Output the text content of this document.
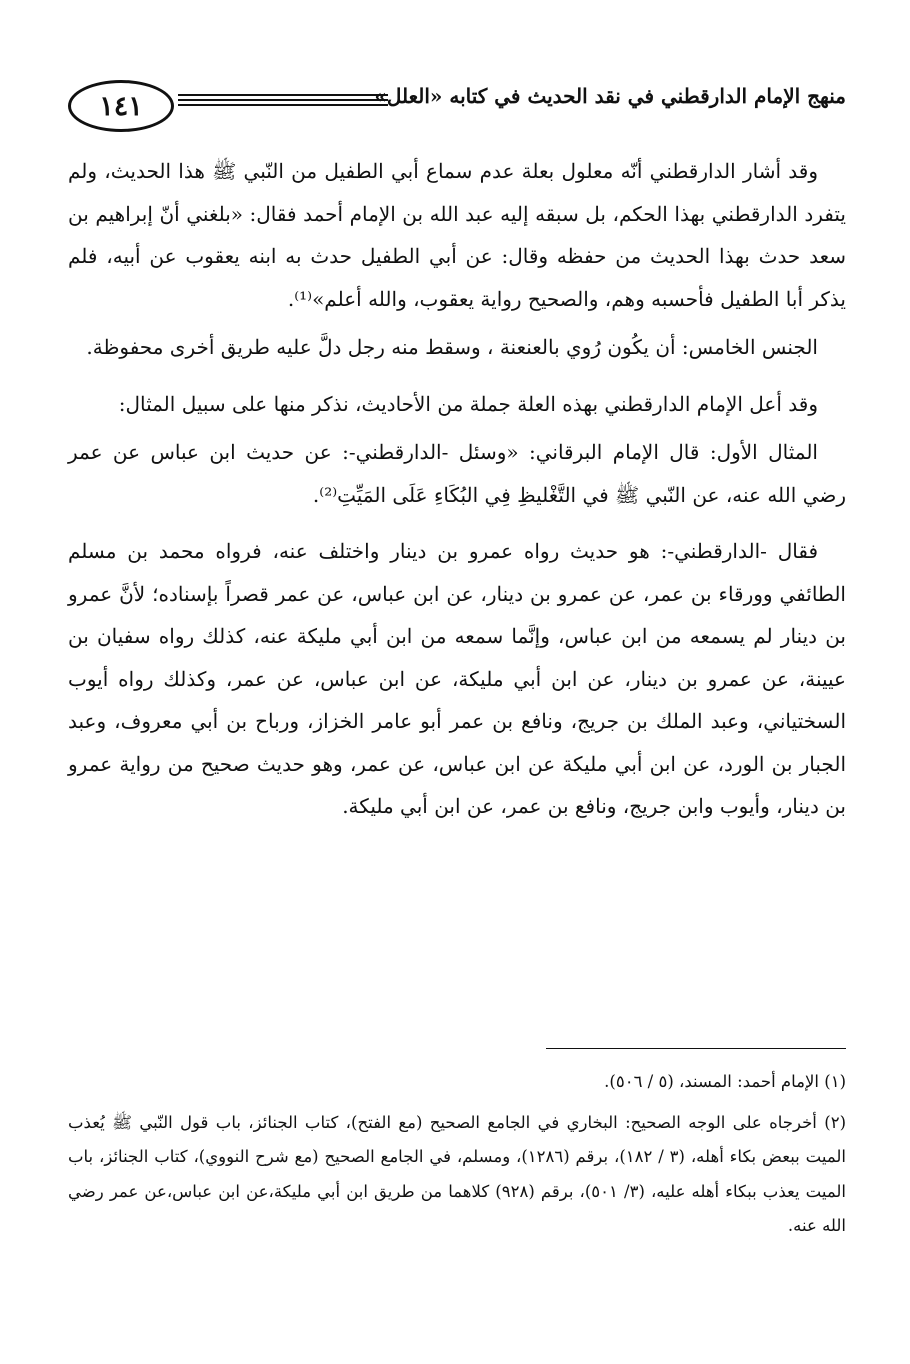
١٤١	منهج الإمام الدارقطني في نقد الحديث في كتابه «العلل»

وقد أشار الدارقطني أنّه معلول بعلة عدم سماع أبي الطفيل من النّبي ﷺ هذا الحديث، ولم يتفرد الدارقطني بهذا الحكم، بل سبقه إليه عبد الله بن الإمام أحمد فقال: «بلغني أنّ إبراهيم بن سعد حدث بهذا الحديث من حفظه وقال: عن أبي الطفيل حدث به ابنه يعقوب عن أبيه، فلم يذكر أبا الطفيل فأحسبه وهم، والصحيح رواية يعقوب، والله أعلم»⁽¹⁾.

الجنس الخامس: أن يكُون رُوي بالعنعنة ، وسقط منه رجل دلَّ عليه طريق أخرى محفوظة.

وقد أعل الإمام الدارقطني بهذه العلة جملة من الأحاديث، نذكر منها على سبيل المثال:

المثال الأول: قال الإمام البرقاني: «وسئل -الدارقطني-: عن حديث ابن عباس عن عمر رضي الله عنه، عن النّبي ﷺ في التَّغْليظِ فِي البُكَاءِ عَلَى المَيِّتِ⁽²⁾.

فقال -الدارقطني-: هو حديث رواه عمرو بن دينار واختلف عنه، فرواه محمد بن مسلم الطائفي وورقاء بن عمر، عن عمرو بن دينار، عن ابن عباس، عن عمر قصراً بإسناده؛ لأنَّ عمرو بن دينار لم يسمعه من ابن عباس، وإنَّما سمعه من ابن أبي مليكة عنه، كذلك رواه سفيان بن عيينة، عن عمرو بن دينار، عن ابن أبي مليكة، عن ابن عباس، عن عمر، وكذلك رواه أيوب السختياني، وعبد الملك بن جريج، ونافع بن عمر أبو عامر الخزاز، ورباح بن أبي معروف، وعبد الجبار بن الورد، عن ابن أبي مليكة عن ابن عباس، عن عمر، وهو حديث صحيح من رواية عمرو بن دينار، وأيوب وابن جريج، ونافع بن عمر، عن ابن أبي مليكة.

(١) الإمام أحمد: المسند، (٥ / ٥٠٦).

(٢) أخرجاه على الوجه الصحيح: البخاري في الجامع الصحيح (مع الفتح)، كتاب الجنائز، باب قول النّبي ﷺ يُعذب الميت ببعض بكاء أهله، (٣ / ١٨٢)، برقم (١٢٨٦)، ومسلم، في الجامع الصحيح (مع شرح النووي)، كتاب الجنائز، باب الميت يعذب ببكاء أهله عليه، (٣/ ٥٠١)، برقم (٩٢٨) كلاهما من طريق ابن أبي مليكة،عن ابن عباس،عن عمر رضي الله عنه.
